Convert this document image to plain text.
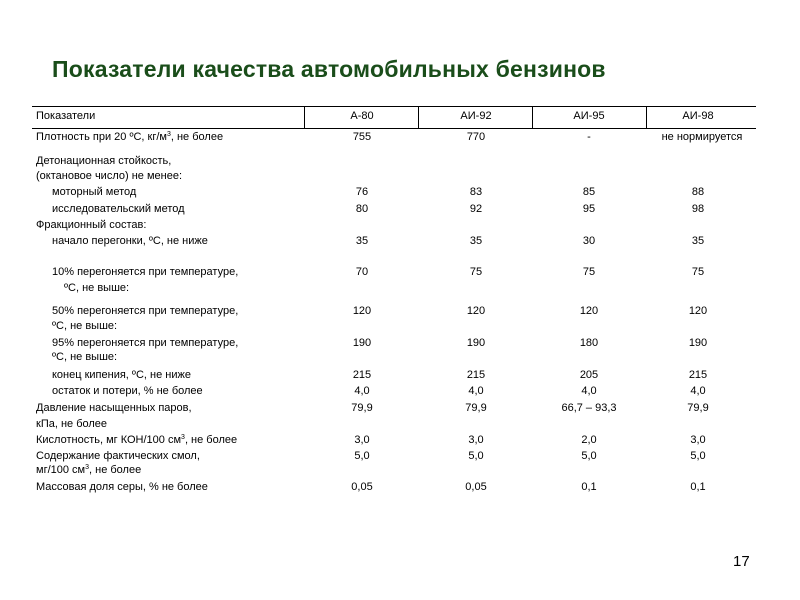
Показатели качества автомобильных бензинов
Показатели	А-80	АИ-92	АИ-95	АИ-98
Плотность при 20 ºС, $кг/м^3$, не более	755	770	-	не нормируется
Детонационная стойкость,
(октановое число) не менее:
моторный метод	76	83	85	88
исследовательский метод	80	92	95	98
Фракционный состав:
начало перегонки, ºС, не ниже	35	35	30	35
10% перегоняется при температуре,	70	75	75	75
ºС, не выше:
50% перегоняется при температуре,	120	120	120	120
ºС, не выше:
95% перегоняется при температуре,	190	190	180	190
ºС, не выше:
конец кипения, ºС, не ниже	215	215	205	215
остаток и потери, % не более	4,0	4,0	4,0	4,0
Давление насыщенных паров,	79,9	79,9	66,7 – 93,3	79,9
кПа, не более
Кислотность, мг КОН/100 $см^3$, не более	3,0	3,0	2,0	3,0
Содержание фактических смол,	5,0	5,0	5,0	5,0
мг/100 $см^3$, не более
Массовая доля серы, % не более	0,05	0,05	0,1	0,1
17
